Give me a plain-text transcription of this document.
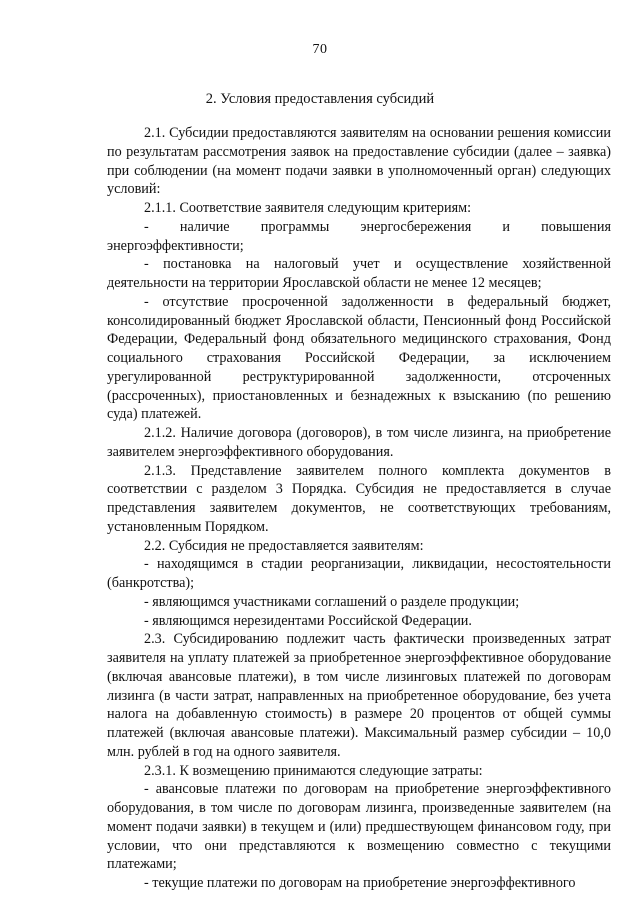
70
2. Условия предоставления субсидий

2.1. Субсидии предоставляются заявителям на основании решения комиссии по результатам рассмотрения заявок на предоставление субсидии (далее – заявка) при соблюдении (на момент подачи заявки в уполномоченный орган) следующих условий:

2.1.1. Соответствие заявителя следующим критериям:

- наличие программы энергосбережения и повышения энергоэффективности;

- постановка на налоговый учет и осуществление хозяйственной деятельности на территории Ярославской области не менее 12 месяцев;

- отсутствие просроченной задолженности в федеральный бюджет, консолидированный бюджет Ярославской области, Пенсионный фонд Российской Федерации, Федеральный фонд обязательного медицинского страхования, Фонд социального страхования Российской Федерации, за исключением урегулированной реструктурированной задолженности, отсроченных (рассроченных), приостановленных и безнадежных к взысканию (по решению суда) платежей.

2.1.2. Наличие договора (договоров), в том числе лизинга, на приобретение заявителем энергоэффективного оборудования.

2.1.3. Представление заявителем полного комплекта документов в соответствии с разделом 3 Порядка. Субсидия не предоставляется в случае представления заявителем документов, не соответствующих требованиям, установленным Порядком.

2.2. Субсидия не предоставляется заявителям:

- находящимся в стадии реорганизации, ликвидации, несостоятельности (банкротства);

- являющимся участниками соглашений о разделе продукции;

- являющимся нерезидентами Российской Федерации.

2.3. Субсидированию подлежит часть фактически произведенных затрат заявителя на уплату платежей за приобретенное энергоэффективное оборудование (включая авансовые платежи), в том числе лизинговых платежей по договорам лизинга (в части затрат, направленных на приобретенное оборудование, без учета налога на добавленную стоимость) в размере 20 процентов от общей суммы платежей (включая авансовые платежи). Максимальный размер субсидии – 10,0 млн. рублей в год на одного заявителя.

2.3.1. К возмещению принимаются следующие затраты:

- авансовые платежи по договорам на приобретение энергоэффективного оборудования, в том числе по договорам лизинга, произведенные заявителем (на момент подачи заявки) в текущем и (или) предшествующем финансовом году, при условии, что они представляются к возмещению совместно с текущими платежами;

- текущие платежи по договорам на приобретение энергоэффективного
